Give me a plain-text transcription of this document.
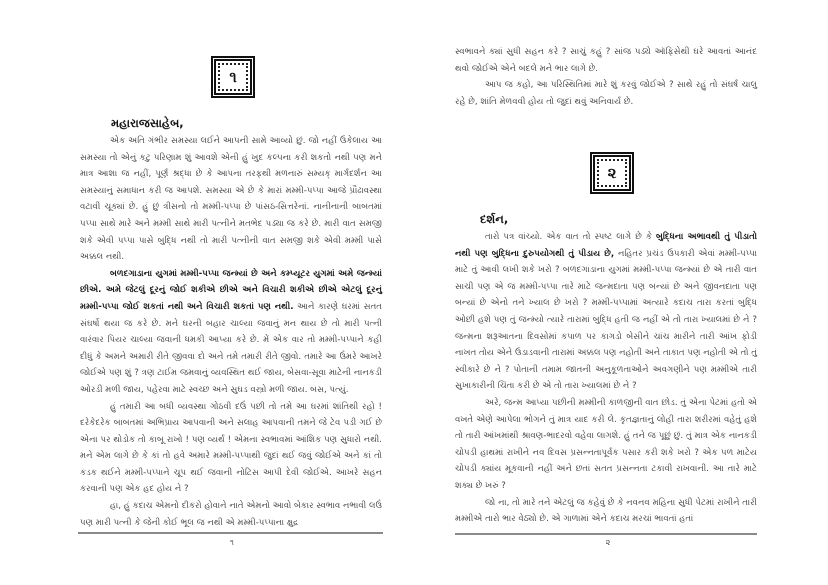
૧
મહારાજસાહેબ,

એક અતિ ગંભીર સમસ્યા લઈને આપની સામે આવ્યો છું. જો નહીં ઉકેલાય આ સમસ્યા તો એનું કટુ પરિણામ શું આવશે એની હું ખુદ કલ્પના કરી શકતો નથી પણ મને માત્ર આશા જ નહીં, પૂર્ણ શ્રદ્ધા છે કે આપના તરફથી મળનારું સમ્યક્ માર્ગદર્શન આ સમસ્યાનું સમાધાન કરી જ આપશે. સમસ્યા એ છે કે મારાં મમ્મી-પપ્પા આજે પ્રૌઢાવસ્થા વટાવી ચૂક્યાં છે. હું છું ત્રીસનો તો મમ્મી-પપ્પા છે પાંસઠ-સિત્તરેનાં. નાનીનાની બાબતમાં પપ્પા સાથે મારે અને મમ્મી સાથે મારી પત્નીને મતભેદ પડ્યા જ કરે છે. મારી વાત સમજી શકે એવી પપ્પા પાસે બુદ્ધિ નથી તો મારી પત્નીની વાત સમજી શકે એવી મમ્મી પાસે અક્કલ નથી.

બળદગાડાના યુગમાં મમ્મી-પપ્પા જન્મ્યાં છે અને કમ્પ્યૂટર યુગમાં અમે જન્મ્યાં છીએ. અમે જેટલું દૂરનું જોઈ શકીએ છીએ અને વિચારી શકીએ છીએ એટલું દૂરનું મમ્મી-પપ્પા જોઈ શકતાં નથી અને વિચારી શકતાં પણ નથી. આને કારણે ઘરમાં સતત સંઘર્ષો થયા જ કરે છે. મને ઘરની બહાર ચાલ્યા જવાનું મન થાય છે તો મારી પત્ની વારંવાર પિયર ચાલ્યા જવાની ધમકી આપ્યા કરે છે. મેં એક વાર તો મમ્મી-પપ્પાને કહી દીધું કે અમને અમારી રીતે જીવવા દો અને તમે તમારી રીતે જીવો. તમારે આ ઉંમરે આખરે જોઈએ પણ શું ? ત્રણ ટાઈમ જમવાનું વ્યવસ્થિત થઈ જાય, બેસવા-સૂવા માટેની નાનકડી ઓરડી મળી જાય, પહેરવા માટે સ્વચ્છ અને સુઘડ વસ્ત્રો મળી જાય. બસ, પત્યું.

હું તમારી આ બધી વ્યવસ્થા ગોઠવી દઉં પછી તો તમે આ ઘરમાં શાંતિથી રહો ! દરેકેદરેક બાબતમાં અભિપ્રાય આપવાની અને સલાહ આપવાની તમને જે ટેવ પડી ગઈ છે એના પર થોડોક તો કાબૂ રાખો ! પણ વ્યર્થ ! એમના સ્વભાવમાં આંશિક પણ સુધારો નથી. મને એમ લાગે છે કે કાં તો હવે અમારે મમ્મી-પપ્પાથી જુદાં થઈ જવું જોઈએ અને કાં તો કડક થઈને મમ્મી-પપ્પાને ચૂપ થઈ જવાની નોટિસ આપી દેવી જોઈએ. આખરે સહન કરવાની પણ એક હદ હોય ને ?

હા, હું કદાચ એમનો દીકરો હોવાને નાતે એમનો આવો બેકાર સ્વભાવ નભાવી લઉં પણ મારી પત્ની કે જેની કોઈ ભૂલ જ નથી એ મમ્મી-પપ્પાના ક્ષુદ્ર

૧

સ્વભાવને ક્યાં સુધી સહન કરે ? સાચું કહું ? સાંજ પડ્યે ઑફિસેથી ઘરે આવતાં આનંદ થવો જોઈએ એને બદલે મને ભાર લાગે છે.

આપ જ કહો, આ પરિસ્થિતિમાં મારે શું કરવું જોઈએ ? સાથે રહું તો સંઘર્ષ ચાલુ રહે છે, શાંતિ મેળવવી હોય તો જુદાં થવું અનિવાર્ય છે.

૨
દર્શન,

તારો પત્ર વાંચ્યો. એક વાત તો સ્પષ્ટ લાગે છે કે બુદ્ધિના અભાવથી તું પીડાતો નથી પણ બુદ્ધિના દુરુપયોગથી તું પીડાય છે, નહિતર પ્રચંડ ઉપકારી એવાં મમ્મી-પપ્પા માટે તું આવી લખી શકે ખરો ? બળદગાડાના યુગમાં મમ્મી-પપ્પા જન્મ્યાં છે એ તારી વાત સાચી પણ એ જ મમ્મી-પપ્પા તારે માટે જન્મદાતા પણ બન્યાં છે અને જીવનદાતા પણ બન્યાં છે એનો તને ખ્યાલ છે ખરો ? મમ્મી-પપ્પામાં અત્યારે કદાચ તારા કરતાં બુદ્ધિ ઓછી હશે પણ તું જન્મ્યો ત્યારે તારામાં બુદ્ધિ હતી જ નહીં એ તો તારા ખ્યાલમાં છે ને ? જન્મના શરૂઆતના દિવસોમાં કપાળ પર કાગડો બેસીને ચાંચ મારીને તારી આંખ ફોડી નાખત તોય એને ઉડાડવાની તારામાં અક્કલ પણ નહોતી અને તાકાત પણ નહોતી એ તો તું સ્વીકારે છે ને ? પોતાની તમામ જાતની અનુકૂળતાઓને અવગણીને પણ મમ્મીએ તારી સુખાકારીની ચિંતા કરી છે એ તો તારા ખ્યાલમાં છે ને ?

અરે, જન્મ આપ્યા પછીની મમ્મીની કાળજીની વાત છોડ. તું એના પેટમાં હતો એ વખતે એણે આપેલા ભોગને તું માત્ર યાદ કરી લે. કૃતજ્ઞતાનું લોહી તારા શરીરમાં વહેતું હશે તો તારી આંખમાંથી શ્રાવણ-ભાદરવો વહેવા લાગશે. હું તને જ પૂછું છું. તું માત્ર એક નાનકડી ચોપડી હાથમાં રાખીને નવ દિવસ પ્રસન્નતાપૂર્વક પસાર કરી શકે ખરો ? એક પળ માટેય ચોપડી ક્યાંય મૂકવાની નહીં અને છતાં સતત પ્રસન્નતા ટકાવી રાખવાની. આ તારે માટે શક્ય છે ખરું ?

જો ના, તો મારે તને એટલું જ કહેવું છે કે નવનવ મહિના સુધી પેટમાં રાખીને તારી મમ્મીએ તારો ભાર વેઠ્યો છે. એ ગાળામાં એને કદાચ મરચાં ભાવતાં હતાં

૨
